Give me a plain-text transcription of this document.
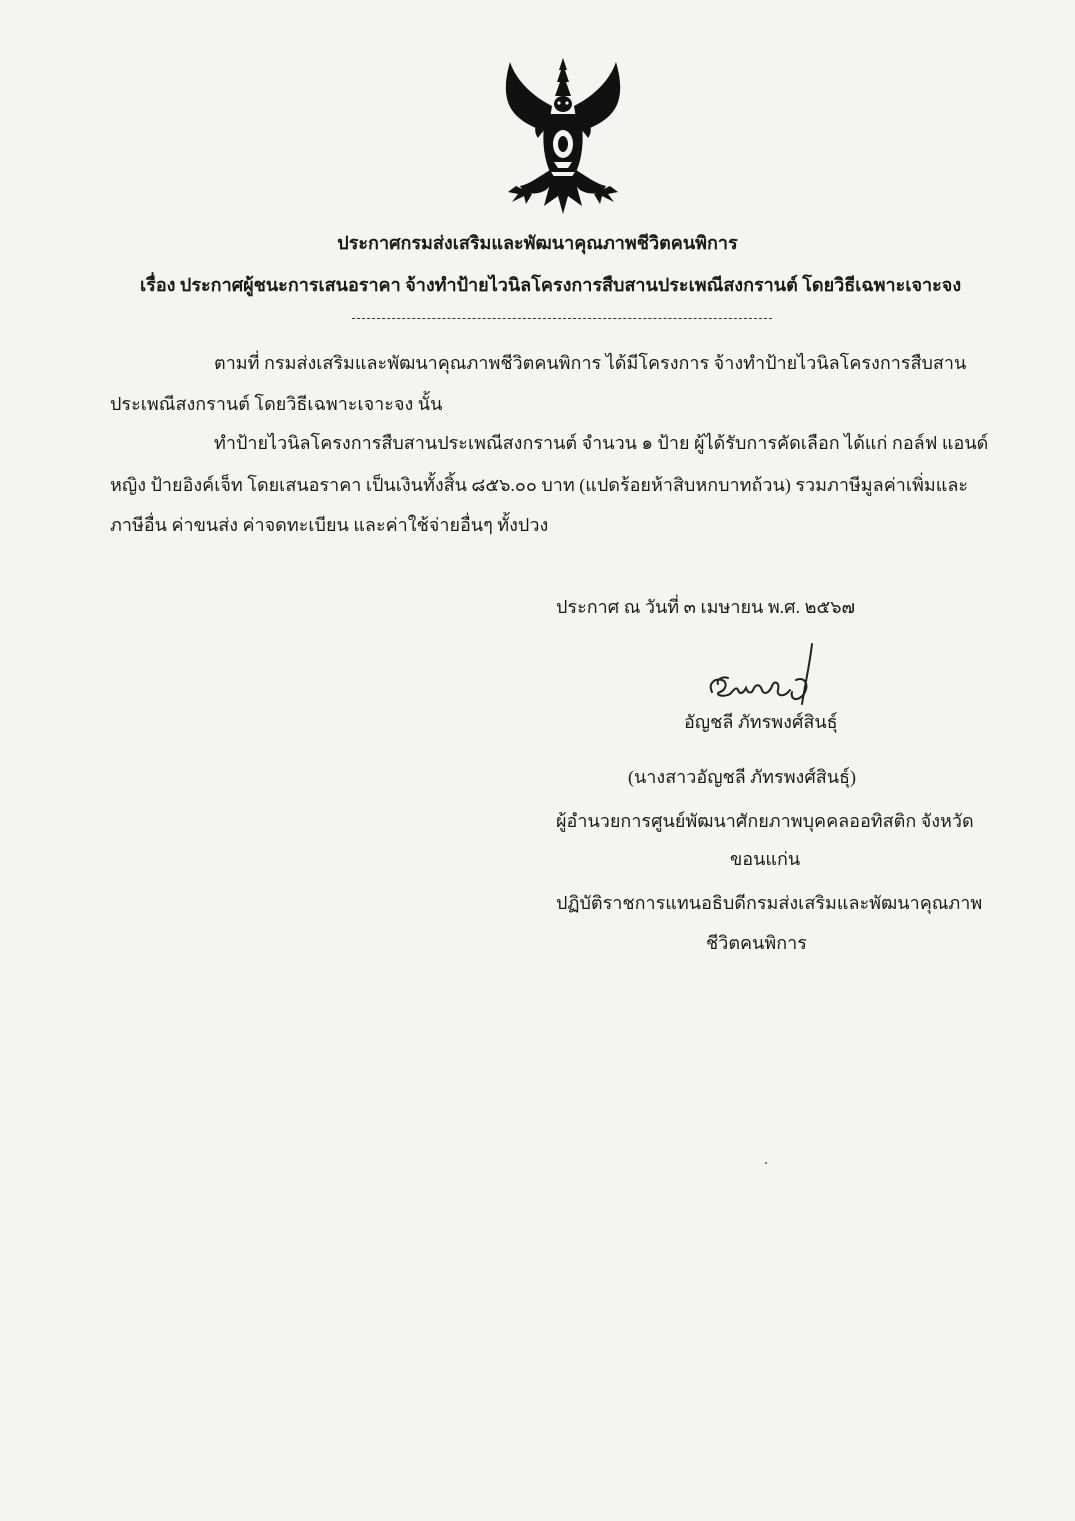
ประกาศกรมส่งเสริมและพัฒนาคุณภาพชีวิตคนพิการ
เรื่อง ประกาศผู้ชนะการเสนอราคา จ้างทำป้ายไวนิลโครงการสืบสานประเพณีสงกรานต์ โดยวิธีเฉพาะเจาะจง
ตามที่ กรมส่งเสริมและพัฒนาคุณภาพชีวิตคนพิการ ได้มีโครงการ จ้างทำป้ายไวนิลโครงการสืบสาน
ประเพณีสงกรานต์ โดยวิธีเฉพาะเจาะจง นั้น
ทำป้ายไวนิลโครงการสืบสานประเพณีสงกรานต์ จำนวน ๑ ป้าย ผู้ได้รับการคัดเลือก ได้แก่ กอล์ฟ แอนด์
หญิง ป้ายอิงค์เจ็ท โดยเสนอราคา เป็นเงินทั้งสิ้น ๘๕๖.๐๐ บาท (แปดร้อยห้าสิบหกบาทถ้วน) รวมภาษีมูลค่าเพิ่มและ
ภาษีอื่น ค่าขนส่ง ค่าจดทะเบียน และค่าใช้จ่ายอื่นๆ ทั้งปวง
ประกาศ ณ วันที่ ๓ เมษายน พ.ศ. ๒๕๖๗
อัญชลี ภัทรพงศ์สินธุ์
(นางสาวอัญชลี ภัทรพงศ์สินธุ์)
ผู้อำนวยการศูนย์พัฒนาศักยภาพบุคคลออทิสติก จังหวัด
ขอนแก่น
ปฏิบัติราชการแทนอธิบดีกรมส่งเสริมและพัฒนาคุณภาพ
ชีวิตคนพิการ
